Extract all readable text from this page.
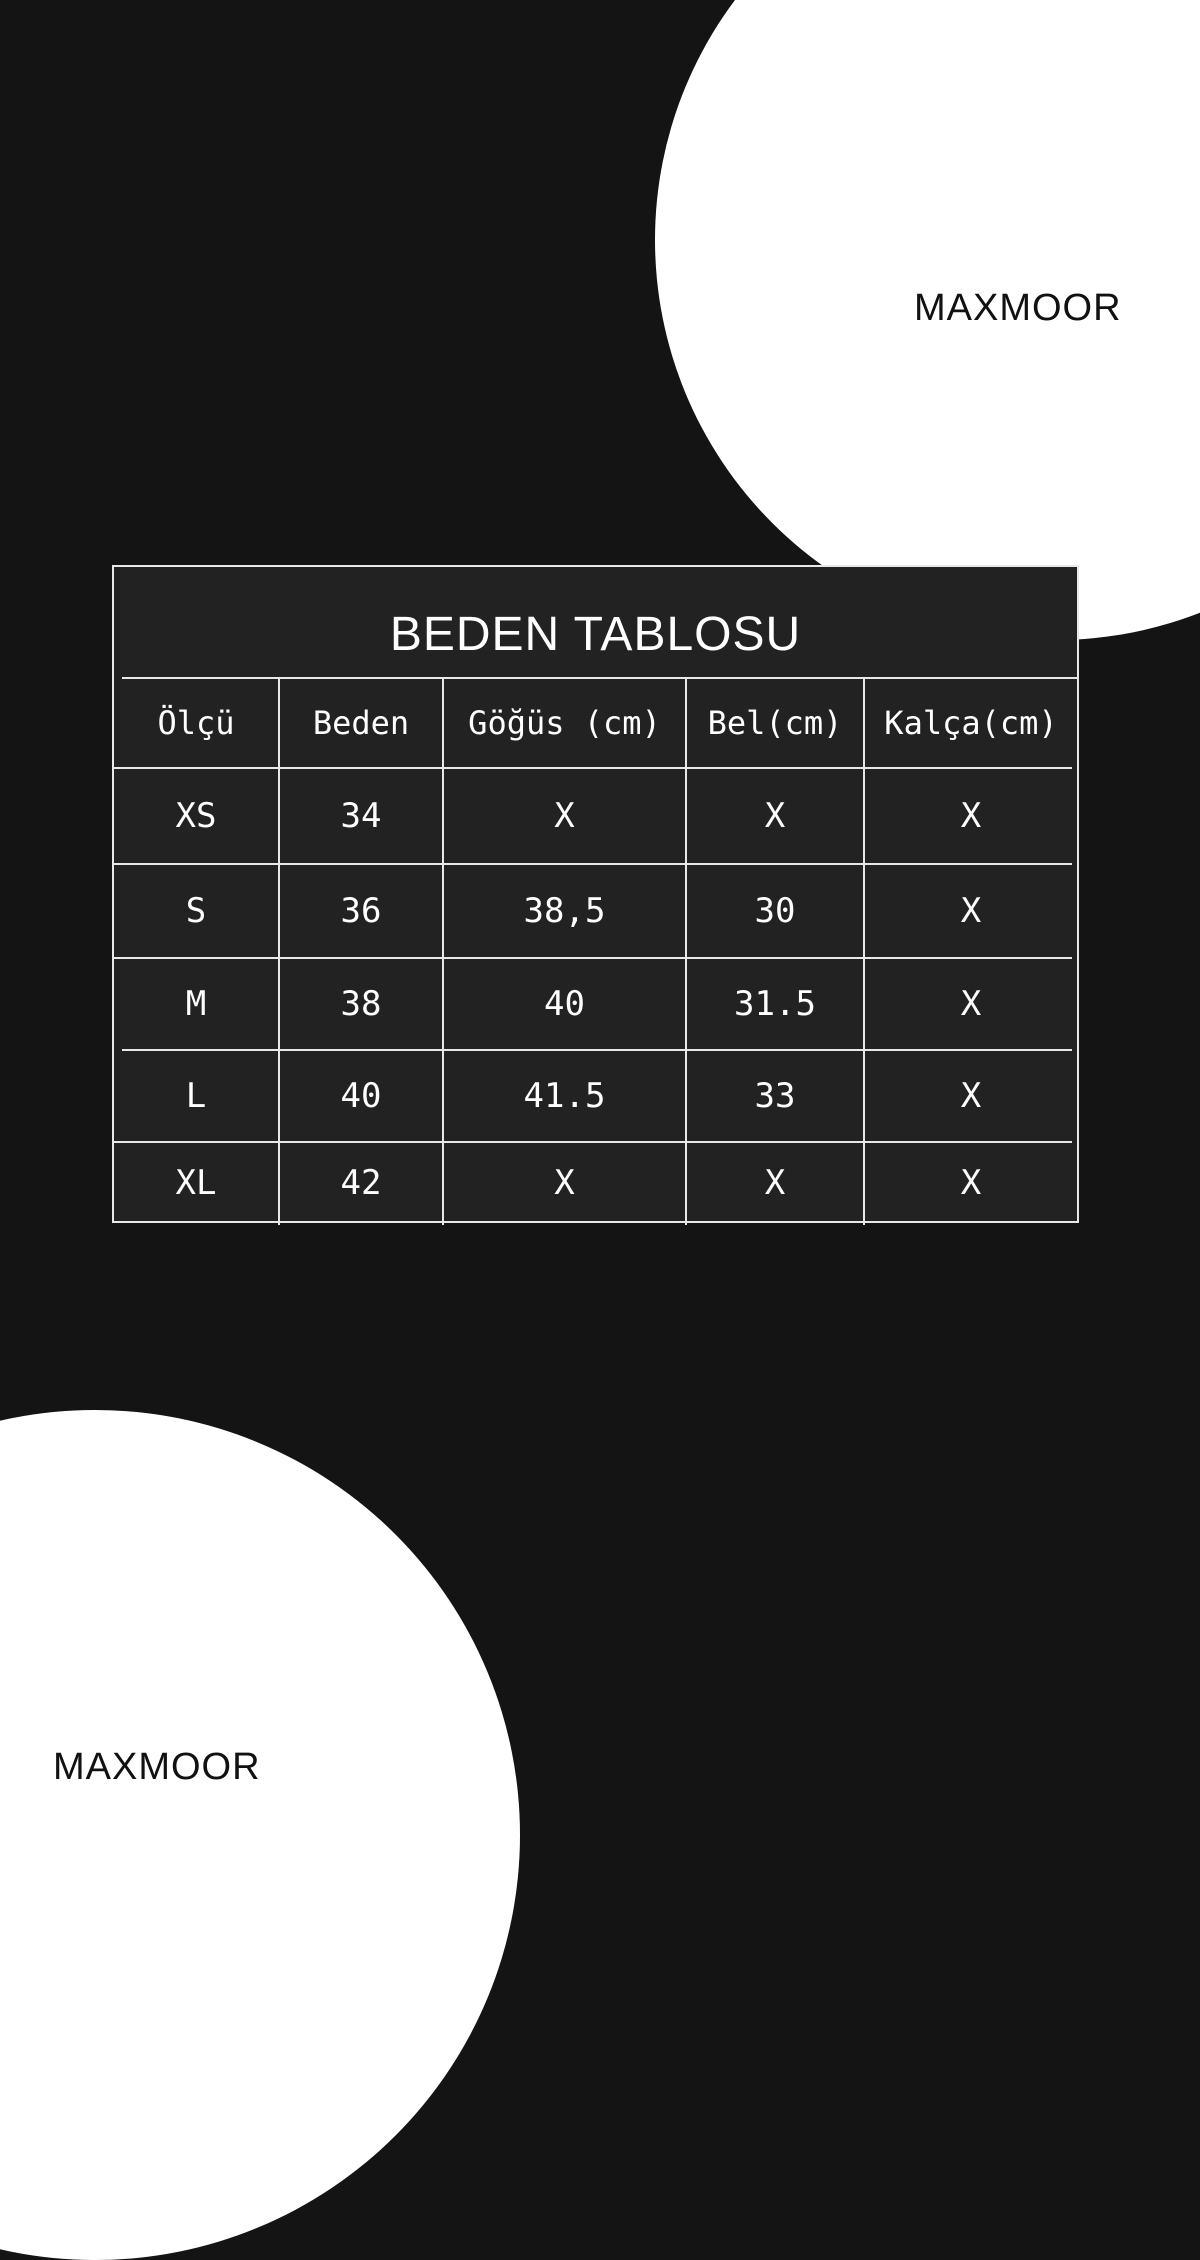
MAXMOOR
MAXMOOR
BEDEN TABLOSU
Ölçü	Beden	Göğüs (cm)	Bel(cm)	Kalça(cm)
XS	34	X	X	X
S	36	38,5	30	X
M	38	40	31.5	X
L	40	41.5	33	X
XL	42	X	X	X
